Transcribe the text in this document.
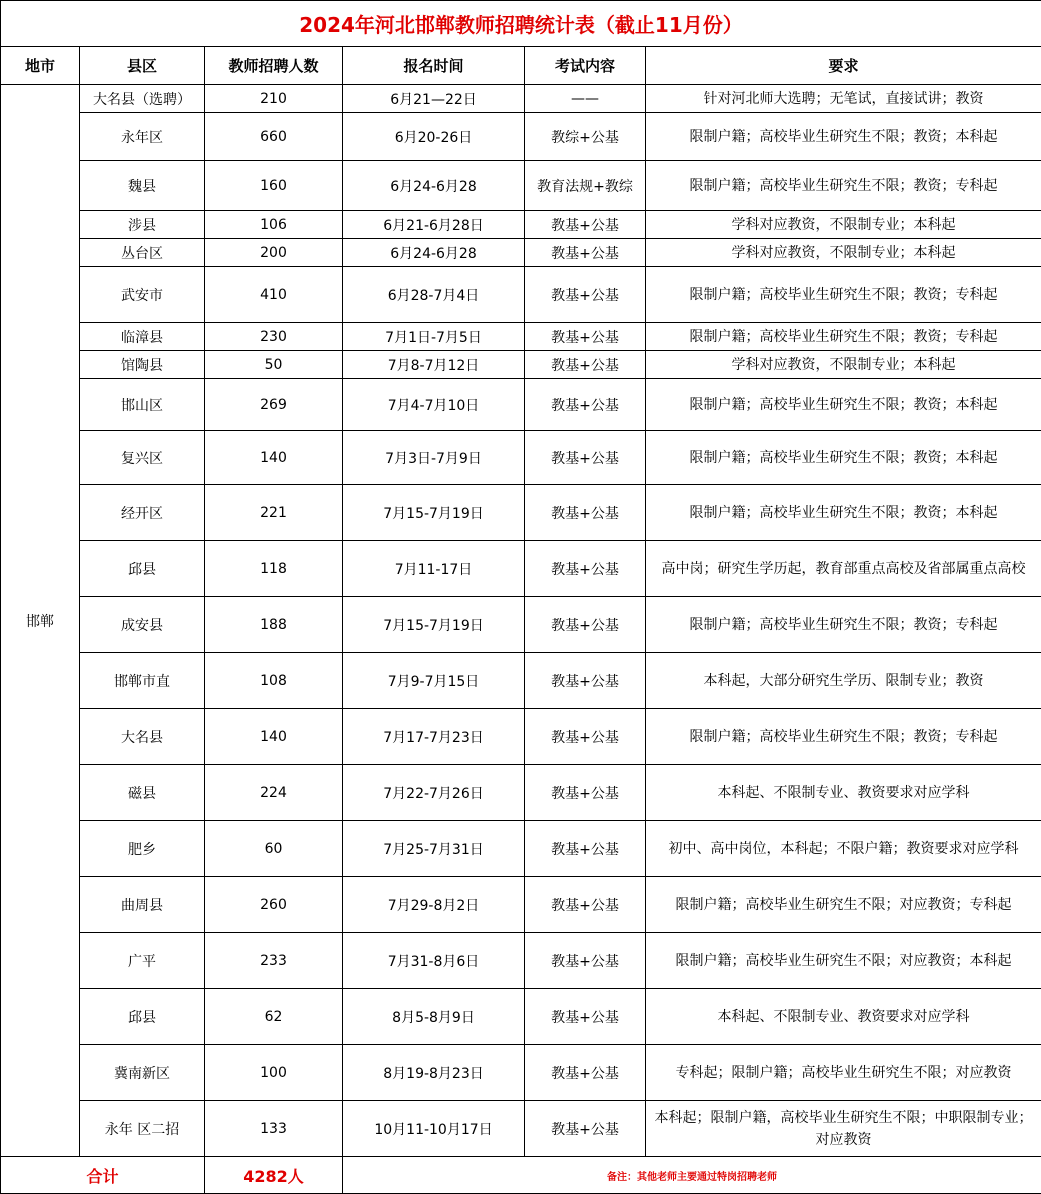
2024年河北邯郸教师招聘统计表（截止11月份）					
地市	县区	教师招聘人数	报名时间	考试内容	要求
邯郸	大名县（选聘）	210	6月21—22日	——	针对河北师大选聘；无笔试，直接试讲；教资
	永年区	660	6月20-26日	教综+公基	限制户籍；高校毕业生研究生不限；教资；本科起
	魏县	160	6月24-6月28	教育法规+教综	限制户籍；高校毕业生研究生不限；教资；专科起
	涉县	106	6月21-6月28日	教基+公基	学科对应教资，不限制专业；本科起
	丛台区	200	6月24-6月28	教基+公基	学科对应教资，不限制专业；本科起
	武安市	410	6月28-7月4日	教基+公基	限制户籍；高校毕业生研究生不限；教资；专科起
	临漳县	230	7月1日-7月5日	教基+公基	限制户籍；高校毕业生研究生不限；教资；专科起
	馆陶县	50	7月8-7月12日	教基+公基	学科对应教资，不限制专业；本科起
	邯山区	269	7月4-7月10日	教基+公基	限制户籍；高校毕业生研究生不限；教资；本科起
	复兴区	140	7月3日-7月9日	教基+公基	限制户籍；高校毕业生研究生不限；教资；本科起
	经开区	221	7月15-7月19日	教基+公基	限制户籍；高校毕业生研究生不限；教资；本科起
	邱县	118	7月11-17日	教基+公基	高中岗；研究生学历起，教育部重点高校及省部属重点高校
	成安县	188	7月15-7月19日	教基+公基	限制户籍；高校毕业生研究生不限；教资；专科起
	邯郸市直	108	7月9-7月15日	教基+公基	本科起，大部分研究生学历、限制专业；教资
	大名县	140	7月17-7月23日	教基+公基	限制户籍；高校毕业生研究生不限；教资；专科起
	磁县	224	7月22-7月26日	教基+公基	本科起、不限制专业、教资要求对应学科
	肥乡	60	7月25-7月31日	教基+公基	初中、高中岗位，本科起；不限户籍；教资要求对应学科
	曲周县	260	7月29-8月2日	教基+公基	限制户籍；高校毕业生研究生不限；对应教资；专科起
	广平	233	7月31-8月6日	教基+公基	限制户籍；高校毕业生研究生不限；对应教资；本科起
	邱县	62	8月5-8月9日	教基+公基	本科起、不限制专业、教资要求对应学科
	冀南新区	100	8月19-8月23日	教基+公基	专科起；限制户籍；高校毕业生研究生不限；对应教资
	永年 区二招	133	10月11-10月17日	教基+公基	本科起；限制户籍，高校毕业生研究生不限；中职限制专业；对应教资
合计		4282人	备注：其他老师主要通过特岗招聘老师		
